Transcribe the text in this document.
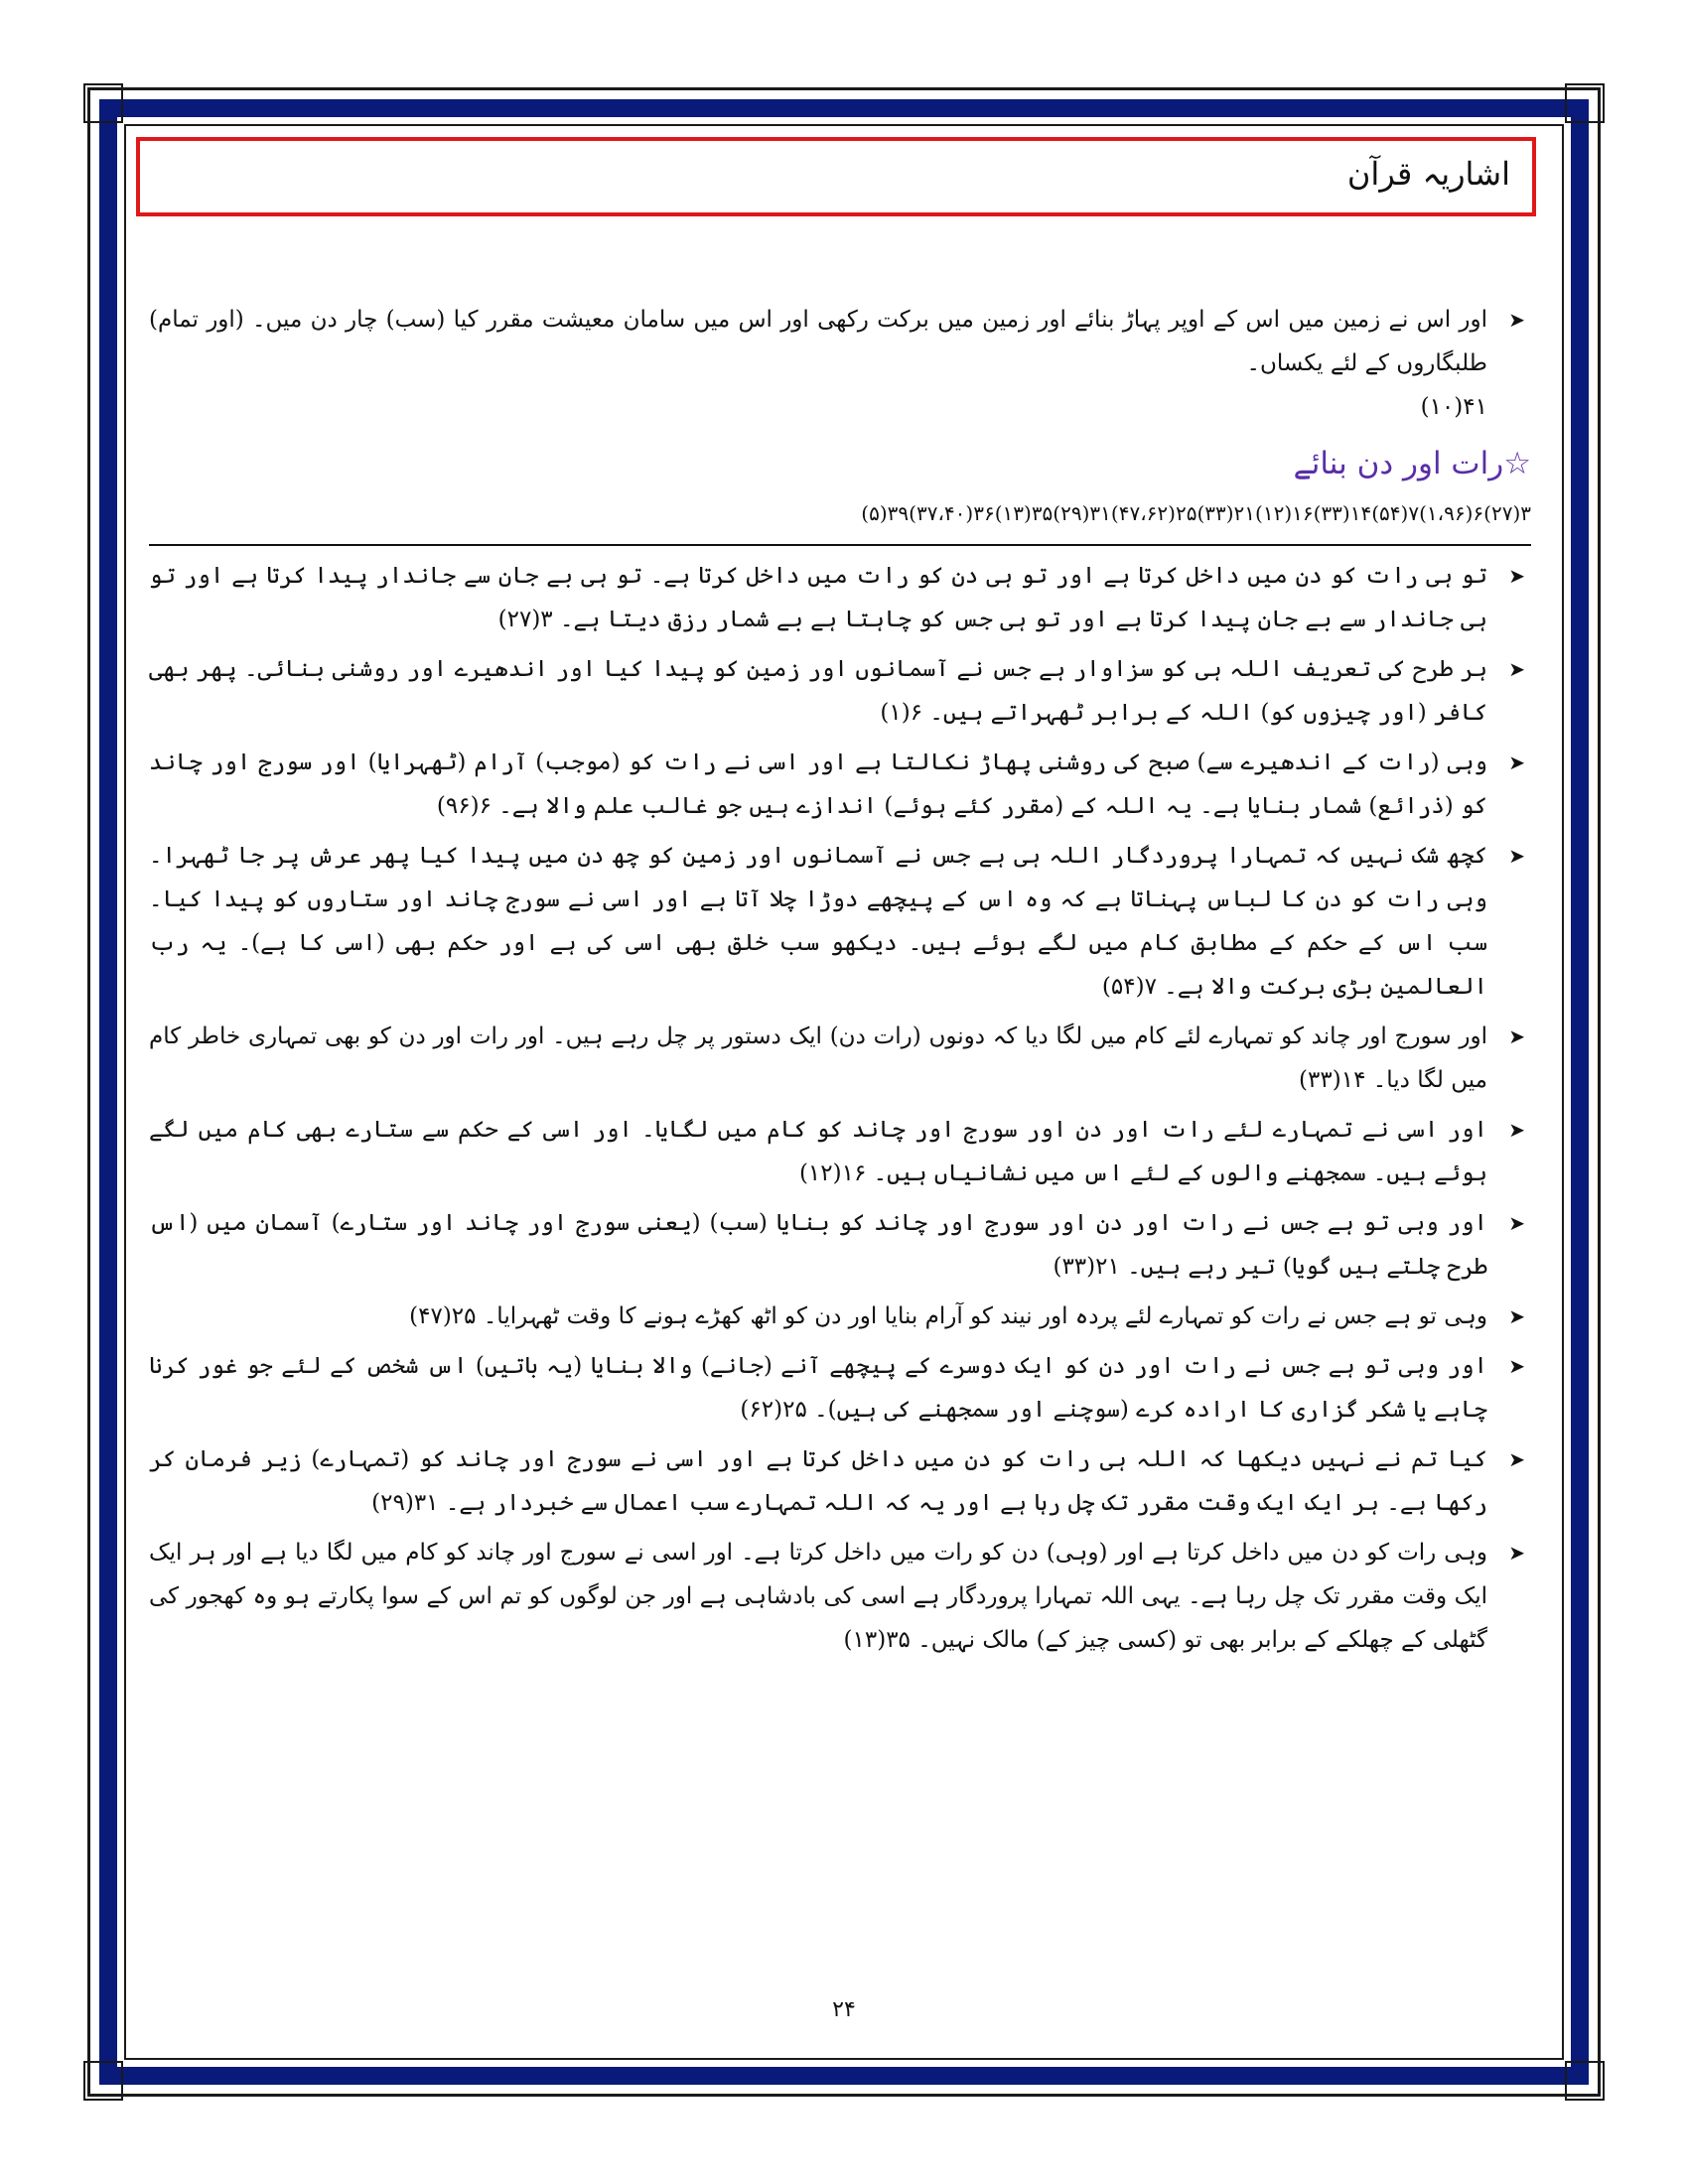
اشاریہ قرآن
➤
اور اس نے زمین میں اس کے اوپر پہاڑ بنائے اور زمین میں برکت رکھی اور اس میں سامان معیشت مقرر کیا (سب) چار دن میں۔ (اور تمام) طلبگاروں کے لئے یکساں۔
۴۱(۱۰)
☆رات اور دن بنائے
۳(۲۷)۶(۱،۹۶)۷(۵۴)۱۴(۳۳)۱۶(۱۲)۲۱(۳۳)۲۵(۴۷،۶۲)۳۱(۲۹)۳۵(۱۳)۳۶(۳۷،۴۰)۳۹(۵)
➤
تو ہی رات کو دن میں داخل کرتا ہے اور تو ہی دن کو رات میں داخل کرتا ہے۔ تو ہی بے جان سے جاندار پیدا کرتا ہے اور تو ہی جاندار سے بے جان پیدا کرتا ہے اور تو ہی جس کو چاہتا ہے بے شمار رزق دیتا ہے۔ ۳(۲۷)
➤
ہر طرح کی تعریف اللہ ہی کو سزاوار ہے جس نے آسمانوں اور زمین کو پیدا کیا اور اندھیرے اور روشنی بنائی۔ پھر بھی کافر (اور چیزوں کو) اللہ کے برابر ٹھہراتے ہیں۔ ۶(۱)
➤
وہی (رات کے اندھیرے سے) صبح کی روشنی پھاڑ نکالتا ہے اور اسی نے رات کو (موجب) آرام (ٹھہرایا) اور سورج اور چاند کو (ذرائع) شمار بنایا ہے۔ یہ اللہ کے (مقرر کئے ہوئے) اندازے ہیں جو غالب علم والا ہے۔ ۶(۹۶)
➤
کچھ شک نہیں کہ تمہارا پروردگار اللہ ہی ہے جس نے آسمانوں اور زمین کو چھ دن میں پیدا کیا پھر عرش پر جا ٹھہرا۔ وہی رات کو دن کا لباس پہناتا ہے کہ وہ اس کے پیچھے دوڑا چلا آتا ہے اور اسی نے سورج چاند اور ستاروں کو پیدا کیا۔ سب اس کے حکم کے مطابق کام میں لگے ہوئے ہیں۔ دیکھو سب خلق بھی اسی کی ہے اور حکم بھی (اسی کا ہے)۔ یہ رب العالمین بڑی برکت والا ہے۔ ۷(۵۴)
➤
اور سورج اور چاند کو تمہارے لئے کام میں لگا دیا کہ دونوں (رات دن) ایک دستور پر چل رہے ہیں۔ اور رات اور دن کو بھی تمہاری خاطر کام میں لگا دیا۔ ۱۴(۳۳)
➤
اور اسی نے تمہارے لئے رات اور دن اور سورج اور چاند کو کام میں لگایا۔ اور اسی کے حکم سے ستارے بھی کام میں لگے ہوئے ہیں۔ سمجھنے والوں کے لئے اس میں نشانیاں ہیں۔ ۱۶(۱۲)
➤
اور وہی تو ہے جس نے رات اور دن اور سورج اور چاند کو بنایا (سب) (یعنی سورج اور چاند اور ستارے) آسمان میں (اس طرح چلتے ہیں گویا) تیر رہے ہیں۔ ۲۱(۳۳)
➤
وہی تو ہے جس نے رات کو تمہارے لئے پردہ اور نیند کو آرام بنایا اور دن کو اٹھ کھڑے ہونے کا وقت ٹھہرایا۔ ۲۵(۴۷)
➤
اور وہی تو ہے جس نے رات اور دن کو ایک دوسرے کے پیچھے آنے (جانے) والا بنایا (یہ باتیں) اس شخص کے لئے جو غور کرنا چاہے یا شکر گزاری کا ارادہ کرے (سوچنے اور سمجھنے کی ہیں)۔ ۲۵(۶۲)
➤
کیا تم نے نہیں دیکھا کہ اللہ ہی رات کو دن میں داخل کرتا ہے اور اسی نے سورج اور چاند کو (تمہارے) زیر فرمان کر رکھا ہے۔ ہر ایک ایک وقت مقرر تک چل رہا ہے اور یہ کہ اللہ تمہارے سب اعمال سے خبردار ہے۔ ۳۱(۲۹)
➤
وہی رات کو دن میں داخل کرتا ہے اور (وہی) دن کو رات میں داخل کرتا ہے۔ اور اسی نے سورج اور چاند کو کام میں لگا دیا ہے اور ہر ایک ایک وقت مقرر تک چل رہا ہے۔ یہی اللہ تمہارا پروردگار ہے اسی کی بادشاہی ہے اور جن لوگوں کو تم اس کے سوا پکارتے ہو وہ کھجور کی گٹھلی کے چھلکے کے برابر بھی تو (کسی چیز کے) مالک نہیں۔ ۳۵(۱۳)
۲۴
